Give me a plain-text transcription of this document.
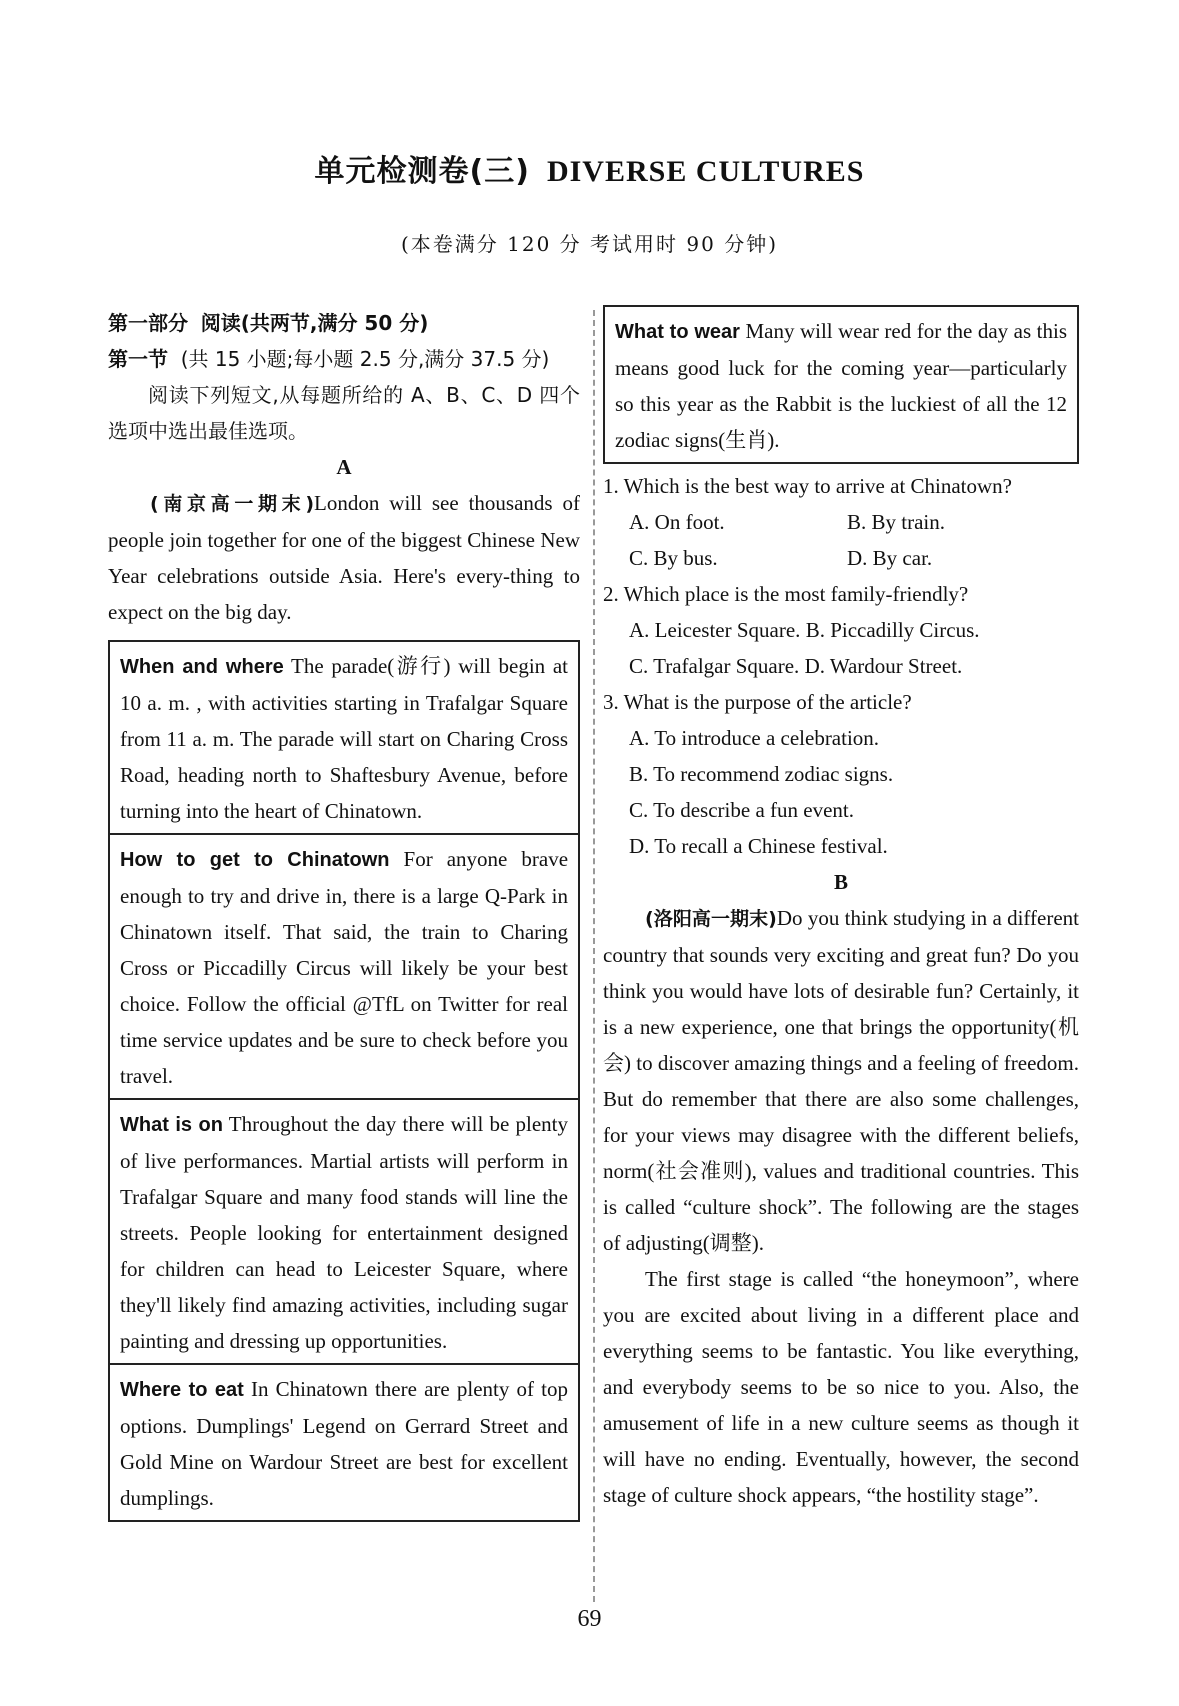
单元检测卷(三) DIVERSE CULTURES
(本卷满分 120 分 考试用时 90 分钟)

第一部分 阅读(共两节,满分 50 分)

第一节 (共 15 小题;每小题 2.5 分,满分 37.5 分)

阅读下列短文,从每题所给的 A、B、C、D 四个选项中选出最佳选项。

A

(南京高一期末)London will see thousands of people join together for one of the biggest Chinese New Year celebrations outside Asia. Here's every-thing to expect on the big day.

When and where The parade(游行) will begin at 10 a. m. , with activities starting in Trafalgar Square from 11 a. m. The parade will start on Charing Cross Road, heading north to Shaftesbury Avenue, before turning into the heart of Chinatown.

How to get to Chinatown For anyone brave enough to try and drive in, there is a large Q-Park in Chinatown itself. That said, the train to Charing Cross or Piccadilly Circus will likely be your best choice. Follow the official @TfL on Twitter for real time service updates and be sure to check before you travel.

What is on Throughout the day there will be plenty of live performances. Martial artists will perform in Trafalgar Square and many food stands will line the streets. People looking for entertainment designed for children can head to Leicester Square, where they'll likely find amazing activities, including sugar painting and dressing up opportunities.

Where to eat In Chinatown there are plenty of top options. Dumplings' Legend on Gerrard Street and Gold Mine on Wardour Street are best for excellent dumplings.

What to wear Many will wear red for the day as this means good luck for the coming year—particularly so this year as the Rabbit is the luckiest of all the 12 zodiac signs(生肖).

1. Which is the best way to arrive at Chinatown?

A. On foot.	B. By train.
C. By bus.	D. By car.

2. Which place is the most family-friendly?

A. Leicester Square. B. Piccadilly Circus.
C. Trafalgar Square. D. Wardour Street.

3. What is the purpose of the article?

A. To introduce a celebration.
B. To recommend zodiac signs.
C. To describe a fun event.
D. To recall a Chinese festival.

B

(洛阳高一期末)Do you think studying in a different country that sounds very exciting and great fun? Do you think you would have lots of desirable fun? Certainly, it is a new experience, one that brings the opportunity(机会) to discover amazing things and a feeling of freedom. But do remember that there are also some challenges, for your views may disagree with the different beliefs, norm(社会准则), values and traditional countries. This is called “culture shock”. The following are the stages of adjusting(调整).

The first stage is called “the honeymoon”, where you are excited about living in a different place and everything seems to be fantastic. You like everything, and everybody seems to be so nice to you. Also, the amusement of life in a new culture seems as though it will have no ending. Eventually, however, the second stage of culture shock appears, “the hostility stage”.

69
